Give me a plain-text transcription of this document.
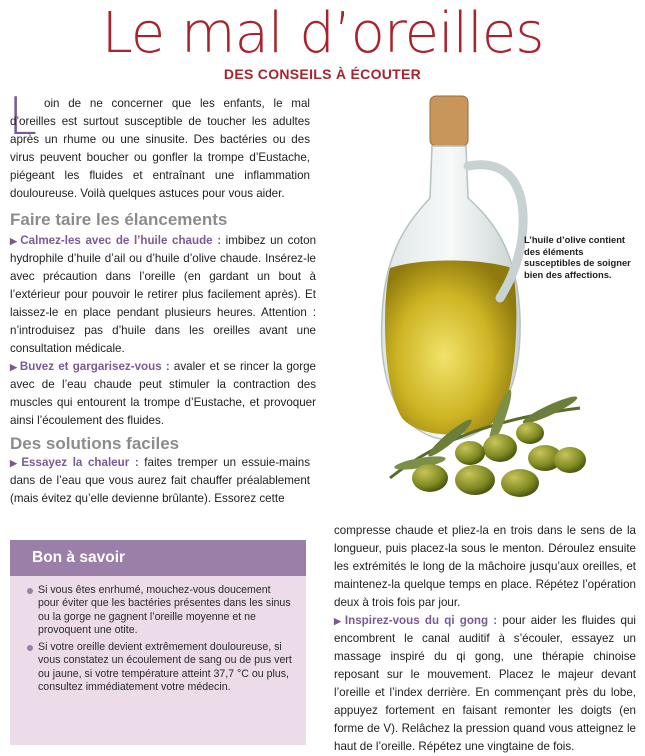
Le mal d’oreilles
DES CONSEILS À ÉCOUTER
L oin de ne concerner que les enfants, le mal d’oreilles est surtout susceptible de toucher les adultes après un rhume ou une sinusite. Des bactéries ou des virus peuvent boucher ou gonfler la trompe d’Eustache, piégeant les fluides et entraînant une inflammation douloureuse. Voilà quelques astuces pour vous aider.

Faire taire les élancements

▶ Calmez-les avec de l’huile chaude : imbibez un coton hydrophile d’huile d’ail ou d’huile d’olive chaude. Insérez-le avec précaution dans l’oreille (en gardant un bout à l’extérieur pour pouvoir le retirer plus facilement après). Et laissez-le en place pendant plusieurs heures. Attention : n’introduisez pas d’huile dans les oreilles avant une consultation médicale.

▶ Buvez et gargarisez-vous : avaler et se rincer la gorge avec de l’eau chaude peut stimuler la contraction des muscles qui entourent la trompe d’Eustache, et provoquer ainsi l’écoulement des fluides.

Des solutions faciles

▶ Essayez la chaleur : faites tremper un essuie-mains dans de l’eau que vous aurez fait chauffer préalablement (mais évitez qu’elle devienne brûlante). Essorez cette

compresse chaude et pliez-la en trois dans le sens de la longueur, puis placez-la sous le menton. Déroulez ensuite les extrémités le long de la mâchoire jusqu’aux oreilles, et maintenez-la quelque temps en place. Répétez l’opération deux à trois fois par jour.

▶ Inspirez-vous du qi gong : pour aider les fluides qui encombrent le canal auditif à s’écouler, essayez un massage inspiré du qi gong, une thérapie chinoise reposant sur le mouvement. Placez le majeur devant l’oreille et l’index derrière. En commençant près du lobe, appuyez fortement en faisant remonter les doigts (en forme de V). Relâchez la pression quand vous atteignez le haut de l’oreille. Répétez une vingtaine de fois.

L’huile d’olive contient des éléments susceptibles de soigner bien des affections.
Bon à savoir
Si vous êtes enrhumé, mouchez-vous doucement pour éviter que les bactéries présentes dans les sinus ou la gorge ne gagnent l’oreille moyenne et ne provoquent une otite.
Si votre oreille devient extrêmement douloureuse, si vous constatez un écoulement de sang ou de pus vert ou jaune, si votre température atteint 37,7 °C ou plus, consultez immédiatement votre médecin.
